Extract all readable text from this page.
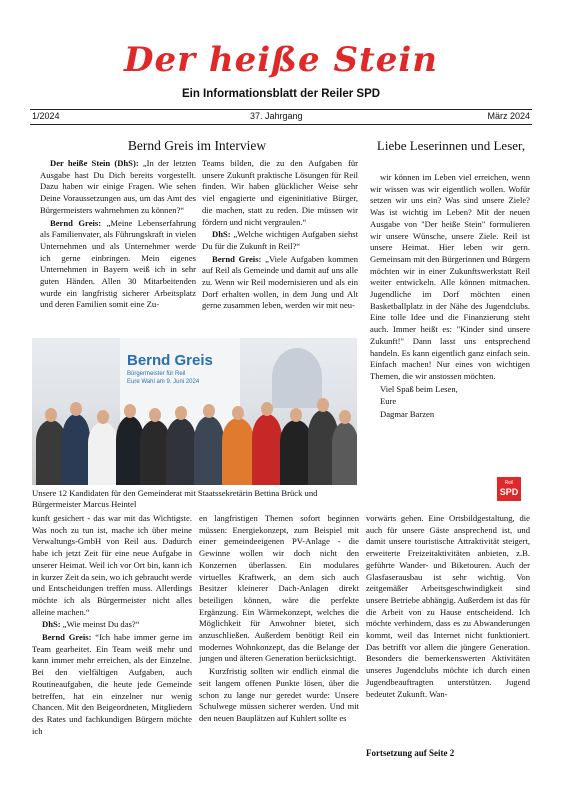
Der heiße Stein
Ein Informationsblatt der Reiler SPD
1/2024	37. Jahrgang	März 2024
Bernd Greis im Interview

Der heiße Stein (DhS): „In der letzten Ausgabe hast Du Dich bereits vorgestellt. Dazu haben wir einige Fragen. Wie sehen Deine Voraussetzungen aus, um das Amt des Bürgermeisters wahrnehmen zu können?“

Bernd Greis: „Meine Lebenserfahrung als Familienvater, als Führungskraft in vielen Unternehmen und als Unternehmer werde ich gerne einbringen. Mein eigenes Unternehmen in Bayern weiß ich in sehr guten Händen. Allen 30 Mitarbeitenden wurde ein langfristig sicherer Arbeitsplatz und deren Familien somit eine Zu-

Teams bilden, die zu den Aufgaben für unsere Zukunft praktische Lösungen für Reil finden. Wir haben glücklicher Weise sehr viel engagierte und eigeninitiative Bürger, die machen, statt zu reden. Die müssen wir fördern und nicht vergraulen.“

DhS: „Welche wichtigen Aufgaben siehst Du für die Zukunft in Reil?“

Bernd Greis: „Viele Aufgaben kommen auf Reil als Gemeinde und damit auf uns alle zu. Wenn wir Reil modernisieren und als ein Dorf erhalten wollen, in dem Jung und Alt gerne zusammen leben, werden wir mit neu-

Liebe Leserinnen und Leser,

wir können im Leben viel erreichen, wenn wir wissen was wir eigentlich wollen. Wofür setzen wir uns ein? Was sind unsere Ziele? Was ist wichtig im Leben? Mit der neuen Ausgabe von "Der heiße Stein" formulieren wir unsere Wünsche, unsere Ziele. Reil ist unsere Heimat. Hier leben wir gern. Gemeinsam mit den Bürgerinnen und Bürgern möchten wir in einer Zukunftswerkstatt Reil weiter entwickeln. Alle können mitmachen. Jugendliche im Dorf möchten einen Basketballplatz in der Nähe des Jugendclubs. Eine tolle Idee und die Finanzierung steht auch. Immer heißt es: "Kinder sind unsere Zukunft!" Dann lasst uns entsprechend handeln. Es kann eigentlich ganz einfach sein. Einfach machen! Nur eines von wichtigen Themen, die wir anstossen möchten.

Viel Spaß beim Lesen,

Eure

Dagmar Barzen

Bernd Greis
Bürgermeister für Reil
Eure Wahl am 9. Juni 2024
Unsere 12 Kandidaten für den Gemeinderat mit Staatssekretärin Bettina Brück und Bürgermeister Marcus Heintel
Reil
SPD

kunft gesichert - das war mit das Wichtigste. Was noch zu tun ist, mache ich über meine Verwaltungs-GmbH von Reil aus. Dadurch habe ich jetzt Zeit für eine neue Aufgabe in unserer Heimat. Weil ich vor Ort bin, kann ich in kurzer Zeit da sein, wo ich gebraucht werde und Entscheidungen treffen muss. Allerdings möchte ich als Bürgermeister nicht alles alleine machen.“

DhS: „Wie meinst Du das?“

Bernd Greis: “Ich habe immer gerne im Team gearbeitet. Ein Team weiß mehr und kann immer mehr erreichen, als der Einzelne. Bei den vielfältigen Aufgaben, auch Routineaufgaben, die heute jede Gemeinde betreffen, hat ein einzelner nur wenig Chancen. Mit den Beigeordneten, Mitgliedern des Rates und fachkundigen Bürgern möchte ich

en langfristigen Themen sofort beginnen müssen: Energiekonzept, zum Beispiel mit einer gemeindeeigenen PV-Anlage - die Gewinne wollen wir doch nicht den Konzernen überlassen. Ein modulares virtuelles Kraftwerk, an dem sich auch Besitzer kleinerer Dach-Anlagen direkt beteiligen können, wäre die perfekte Ergänzung. Ein Wärmekonzept, welches die Möglichkeit für Anwohner bietet, sich anzuschließen. Außerdem benötigt Reil ein modernes Wohnkonzept, das die Belange der jungen und älteren Generation berücksichtigt.

Kurzfristig sollten wir endlich einmal die seit langem offenen Punkte lösen, über die schon zu lange nur geredet wurde: Unsere Schulwege müssen sicherer werden. Und mit den neuen Bauplätzen auf Kuhlert sollte es

vorwärts gehen. Eine Ortsbildgestaltung, die auch für unsere Gäste ansprechend ist, und damit unsere touristische Attraktivität steigert, erweiterte Freizeitaktivitäten anbieten, z.B. geführte Wander- und Biketouren. Auch der Glasfaserausbau ist sehr wichtig. Von zeitgemäßer Arbeitsgeschwindigkeit sind unsere Betriebe abhängig. Außerdem ist das für die Arbeit von zu Hause entscheidend. Ich möchte verhindern, dass es zu Abwanderungen kommt, weil das Internet nicht funktioniert. Das betrifft vor allem die jüngere Generation. Besonders die bemerkenswerten Aktivitäten unseres Jugendclubs möchte ich durch einen Jugendbeauftragten unterstützen. Jugend bedeutet Zukunft. Wan-

Fortsetzung auf Seite 2
